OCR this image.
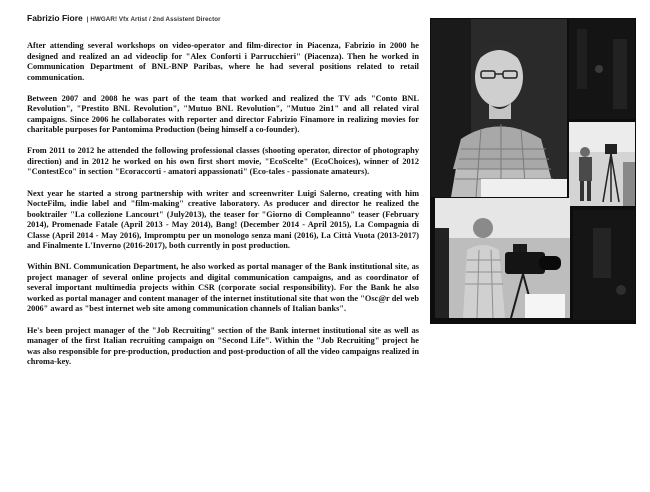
Fabrizio Fiore | HWGAR! Vfx Artist / 2nd Assistent Director

After attending several workshops on video-operator and film-director in Piacenza, Fabrizio in 2000 he designed and realized an ad videoclip for "Alex Conforti i Parrucchieri" (Piacenza). Then he worked in Communication Department of BNL-BNP Paribas, where he had several positions related to retail communication.

Between 2007 and 2008 he was part of the team that worked and realized the TV ads "Conto BNL Revolution", "Prestito BNL Revolution", "Mutuo BNL Revolution", "Mutuo 2in1" and all related viral campaigns. Since 2006 he collaborates with reporter and director Fabrizio Finamore in realizing movies for charitable purposes for Pantomima Production (being himself a co-founder).

From 2011 to 2012 he attended the following professional classes (shooting operator, director of photography direction) and in 2012 he worked on his own first short movie, "EcoScelte" (EcoChoices), winner of 2012 "ContestEco" in section "Ecoraccorti - amatori appassionati" (Eco-tales - passionate amateurs).

Next year he started a strong partnership with writer and screenwriter Luigi Salerno, creating with him NocteFilm, indie label and "film-making" creative laboratory. As producer and director he realized the booktrailer "La collezione Lancourt" (July2013), the teaser for "Giorno di Compleanno" teaser (February 2014), Promenade Fatale (April 2013 - May 2014), Bang! (December 2014 - April 2015), La Compagnia di Classe (April 2014 - May 2016), Impromptu per un monologo senza mani (2016), La Città Vuota (2013-2017) and Finalmente L'Inverno (2016-2017), both currently in post production.

Within BNL Communication Department, he also worked as portal manager of the Bank institutional site, as project manager of several online projects and digital communication campaigns, and as coordinator of several important multimedia projects within CSR (corporate social responsibility). For the Bank he also worked as portal manager and content manager of the internet institutional site that won the "Osc@r del web 2006" award as "best internet web site among communication channels of Italian banks".

He's been project manager of the "Job Recruiting" section of the Bank internet institutional site as well as manager of the first Italian recruiting campaign on "Second Life". Within the "Job Recruiting" project he was also responsible for pre-production, production and post-production of all the video campaigns realized in chroma-key.
